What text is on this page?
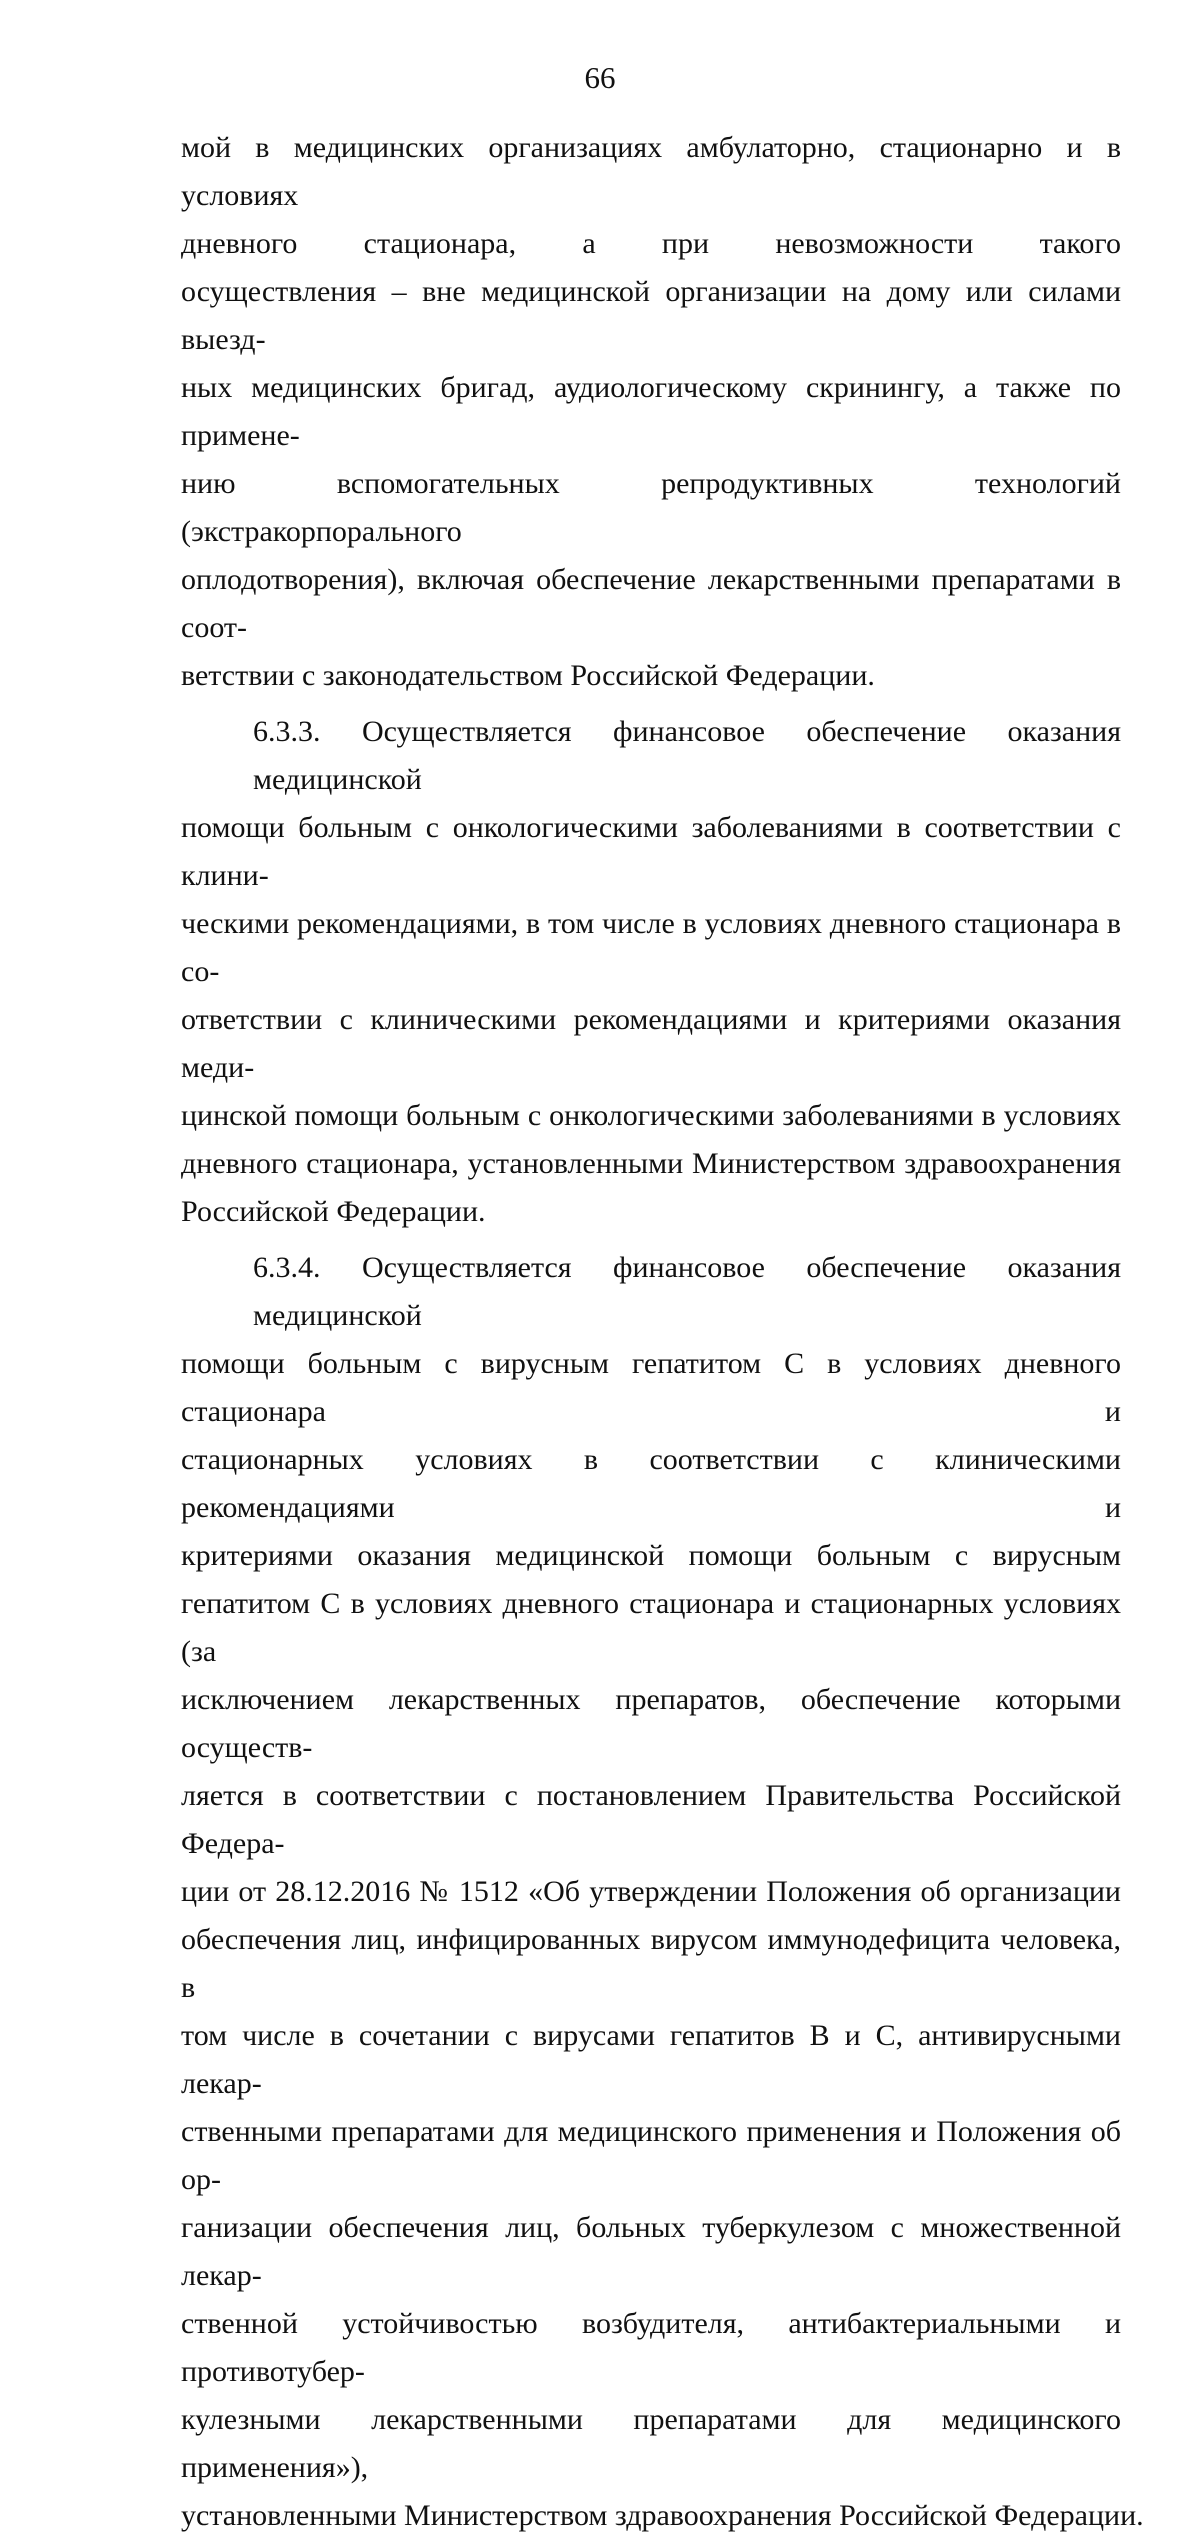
66
мой в медицинских организациях амбулаторно, стационарно и в условиях
дневного стационара, а при невозможности такого
осуществления – вне медицинской организации на дому или силами выезд-
ных медицинских бригад, аудиологическому скринингу, а также по примене-
нию вспомогательных репродуктивных технологий (экстракорпорального
оплодотворения), включая обеспечение лекарственными препаратами в соот-
ветствии с законодательством Российской Федерации.
6.3.3. Осуществляется финансовое обеспечение оказания медицинской
помощи больным с онкологическими заболеваниями в соответствии с клини-
ческими рекомендациями, в том числе в условиях дневного стационара в со-
ответствии с клиническими рекомендациями и критериями оказания меди-
цинской помощи больным с онкологическими заболеваниями в условиях
дневного стационара, установленными Министерством здравоохранения
Российской Федерации.
6.3.4. Осуществляется финансовое обеспечение оказания медицинской
помощи больным с вирусным гепатитом С в условиях дневного стационара и
стационарных условиях в соответствии с клиническими рекомендациями и
критериями оказания медицинской помощи больным с вирусным
гепатитом С в условиях дневного стационара и стационарных условиях (за
исключением лекарственных препаратов, обеспечение которыми осуществ-
ляется в соответствии с постановлением Правительства Российской Федера-
ции от 28.12.2016 № 1512 «Об утверждении Положения об организации
обеспечения лиц, инфицированных вирусом иммунодефицита человека, в
том числе в сочетании с вирусами гепатитов В и С, антивирусными лекар-
ственными препаратами для медицинского применения и Положения об ор-
ганизации обеспечения лиц, больных туберкулезом с множественной лекар-
ственной устойчивостью возбудителя, антибактериальными и противотубер-
кулезными лекарственными препаратами для медицинского применения»),
установленными Министерством здравоохранения Российской Федерации.
